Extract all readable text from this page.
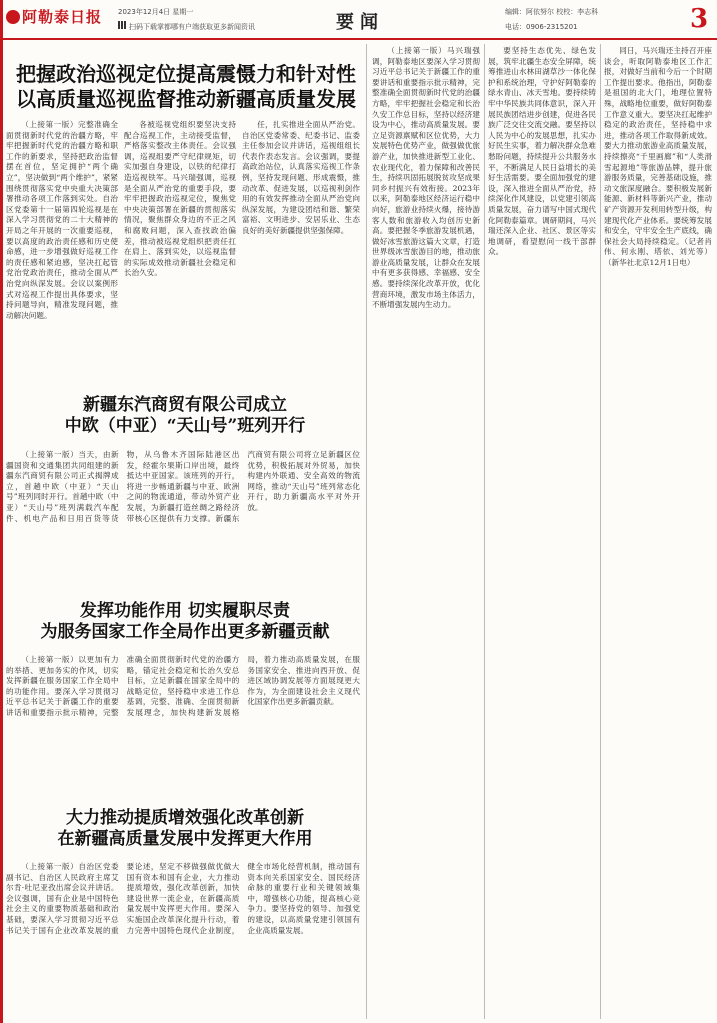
阿勒泰日报 2023年12月4日 星期一
扫码下载掌都哪有户端获取更多新闻资讯	要闻	编辑：阿依努尔 校校：李志科
电话：0906-2315201	3
把握政治巡视定位提高震慑力和针对性
以高质量巡视监督推动新疆高质量发展

（上接第一版）完整准确全面贯彻新时代党的治疆方略，牢牢把握新时代党的治疆方略和职工作的新要求，坚持把政治监督摆在首位，坚定拥护“两个确立”，坚决做到“两个维护”，紧紧围绕贯彻落实党中央重大决策部署推动各项工作落到实处。自治区党委第十一届第四轮巡视是在深入学习贯彻党的二十大精神的开局之年开展的一次重要巡视，要以高度的政治责任感和历史使命感，进一步增强做好巡视工作的责任感和紧迫感，坚决扛起管党治党政治责任，推动全面从严治党向纵深发展。会议以案例形式对巡视工作提出具体要求，坚持问题导向，精准发现问题，推动解决问题。

各被巡视党组织要坚决支持配合巡视工作，主动接受监督，严格落实整改主体责任。会议强调，巡视组要严守纪律规矩，切实加强自身建设，以铁的纪律打造巡视铁军。马兴瑞强调，巡视是全面从严治党的重要手段，要牢牢把握政治巡视定位，聚焦党中央决策部署在新疆的贯彻落实情况，聚焦群众身边的不正之风和腐败问题，深入查找政治偏差，推动被巡视党组织把责任扛在肩上、落到实处，以巡视监督的实际成效推动新疆社会稳定和长治久安。

任，扎实推进全面从严治党。自治区党委常委、纪委书记、监委主任参加会议并讲话，巡视组组长代表作表态发言。会议强调，要提高政治站位，认真落实巡视工作条例，坚持发现问题、形成震慑，推动改革、促进发展，以巡视利剑作用的有效发挥推动全面从严治党向纵深发展，为建设团结和谐、繁荣富裕、文明进步、安居乐业、生态良好的美好新疆提供坚强保障。

新疆东汽商贸有限公司成立
中欧（中亚）“天山号”班列开行

（上接第一版）当天，由新疆国资和交通集团共同组建的新疆东汽商贸有限公司正式揭牌成立，首趟中欧（中亚）“天山号”班列同时开行。首趟中欧（中亚）“天山号”班列满载汽车配件、机电产品和日用百货等货物，从乌鲁木齐国际陆港区出发，经霍尔果斯口岸出境，最终抵达中亚国家。该班列的开行，将进一步畅通新疆与中亚、欧洲之间的物流通道，带动外贸产业发展，为新疆打造丝绸之路经济带核心区提供有力支撑。新疆东汽商贸有限公司将立足新疆区位优势，积极拓展对外贸易，加快构建内外联通、安全高效的物流网络，推动“天山号”班列常态化开行，助力新疆高水平对外开放。

发挥功能作用 切实履职尽责
为服务国家工作全局作出更多新疆贡献

（上接第一版）以更加有力的举措、更加务实的作风，切实发挥新疆在服务国家工作全局中的功能作用。要深入学习贯彻习近平总书记关于新疆工作的重要讲话和重要指示批示精神，完整准确全面贯彻新时代党的治疆方略，锚定社会稳定和长治久安总目标，立足新疆在国家全局中的战略定位，坚持稳中求进工作总基调，完整、准确、全面贯彻新发展理念，加快构建新发展格局，着力推动高质量发展，在服务国家安全、推进向西开放、促进区域协调发展等方面展现更大作为，为全面建设社会主义现代化国家作出更多新疆贡献。

大力推动提质增效强化改革创新
在新疆高质量发展中发挥更大作用

（上接第一版）自治区党委副书记、自治区人民政府主席艾尔肯·吐尼亚孜出席会议并讲话。会议强调，国有企业是中国特色社会主义的重要物质基础和政治基础，要深入学习贯彻习近平总书记关于国有企业改革发展的重要论述，坚定不移做强做优做大国有资本和国有企业，大力推动提质增效，强化改革创新，加快建设世界一流企业，在新疆高质量发展中发挥更大作用。要深入实施国企改革深化提升行动，着力完善中国特色现代企业制度，健全市场化经营机制，推动国有资本向关系国家安全、国民经济命脉的重要行业和关键领域集中，增强核心功能，提高核心竞争力。要坚持党的领导、加强党的建设，以高质量党建引领国有企业高质量发展。

（上接第一版）马兴瑞强调，阿勒泰地区要深入学习贯彻习近平总书记关于新疆工作的重要讲话和重要指示批示精神，完整准确全面贯彻新时代党的治疆方略，牢牢把握社会稳定和长治久安工作总目标，坚持以经济建设为中心，推动高质量发展。要立足资源禀赋和区位优势，大力发展特色优势产业，做强做优旅游产业，加快推进新型工业化、农业现代化，着力保障和改善民生，持续巩固拓展脱贫攻坚成果同乡村振兴有效衔接。2023年以来，阿勒泰地区经济运行稳中向好，旅游业持续火爆，接待游客人数和旅游收入均创历史新高。要把握冬季旅游发展机遇，做好冰雪旅游这篇大文章，打造世界级冰雪旅游目的地，推动旅游业高质量发展，让群众在发展中有更多获得感、幸福感、安全感。要持续深化改革开放，优化营商环境，激发市场主体活力，不断增强发展内生动力。

要坚持生态优先、绿色发展，筑牢北疆生态安全屏障，统筹推进山水林田湖草沙一体化保护和系统治理，守护好阿勒泰的绿水青山、冰天雪地。要持续铸牢中华民族共同体意识，深入开展民族团结进步创建，促进各民族广泛交往交流交融。要坚持以人民为中心的发展思想，扎实办好民生实事，着力解决群众急难愁盼问题，持续提升公共服务水平，不断满足人民日益增长的美好生活需要。要全面加强党的建设，深入推进全面从严治党，持续深化作风建设，以党建引领高质量发展，奋力谱写中国式现代化阿勒泰篇章。调研期间，马兴瑞还深入企业、社区、景区等实地调研，看望慰问一线干部群众。

同日，马兴瑞还主持召开座谈会，听取阿勒泰地区工作汇报，对做好当前和今后一个时期工作提出要求。他指出，阿勒泰是祖国的北大门，地理位置特殊，战略地位重要，做好阿勒泰工作意义重大。要坚决扛起维护稳定的政治责任，坚持稳中求进，推动各项工作取得新成效。要大力推动旅游业高质量发展，持续擦亮“千里画廊”和“人类滑雪起源地”等旅游品牌，提升旅游服务质量，完善基础设施，推动文旅深度融合。要积极发展新能源、新材料等新兴产业，推动矿产资源开发利用转型升级，构建现代化产业体系。要统筹发展和安全，守牢安全生产底线，确保社会大局持续稳定。（记者肖伟、何永刚、塔依、刘光等）（新华社北京12月1日电）
